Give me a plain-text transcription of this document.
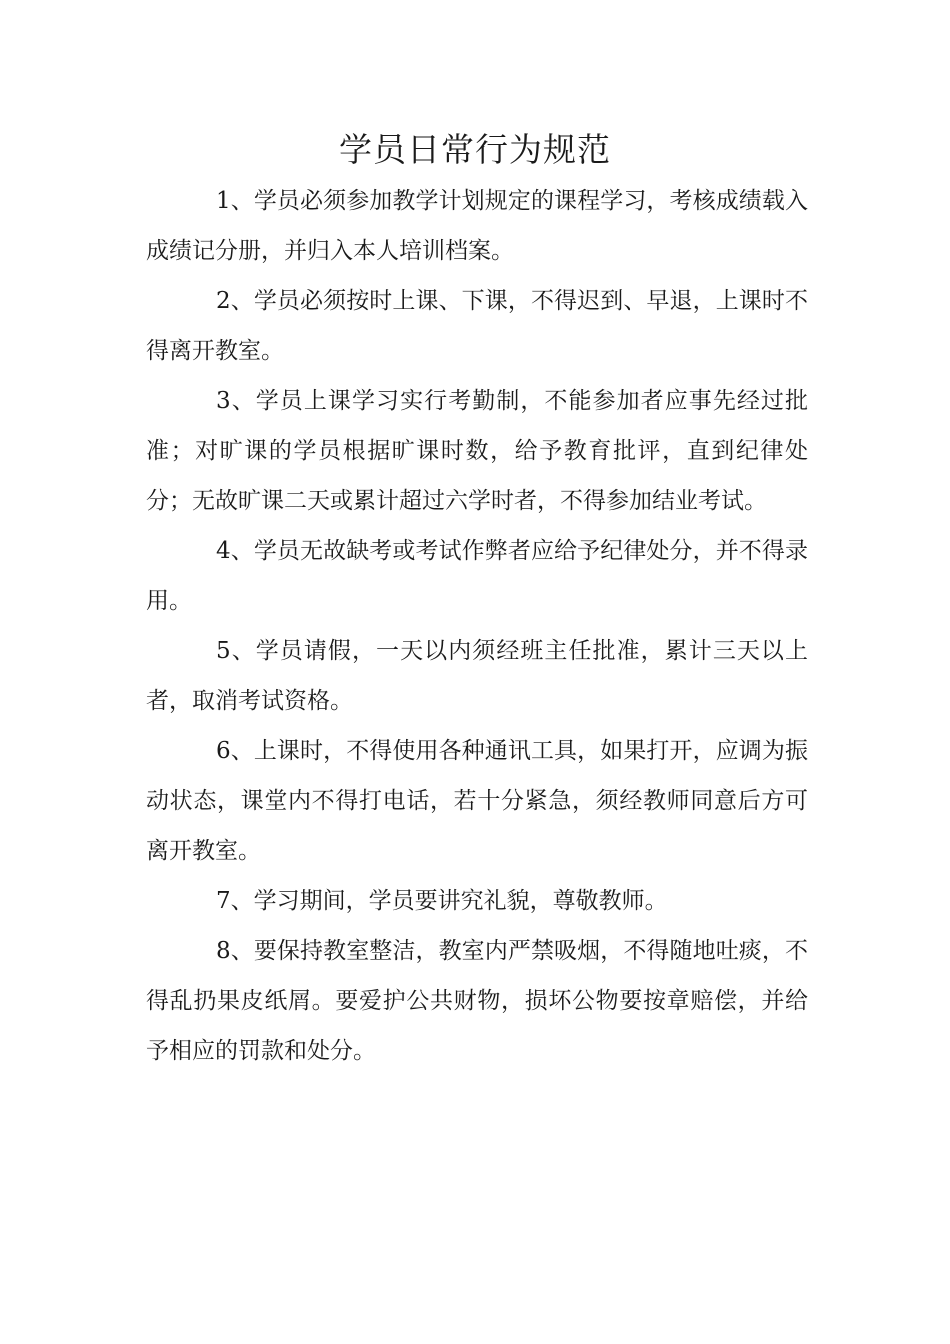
学员日常行为规范

1、学员必须参加教学计划规定的课程学习，考核成绩载入成绩记分册，并归入本人培训档案。

2、学员必须按时上课、下课，不得迟到、早退，上课时不得离开教室。

3、学员上课学习实行考勤制，不能参加者应事先经过批准；对旷课的学员根据旷课时数，给予教育批评，直到纪律处分；无故旷课二天或累计超过六学时者，不得参加结业考试。

4、学员无故缺考或考试作弊者应给予纪律处分，并不得录用。

5、学员请假，一天以内须经班主任批准，累计三天以上者，取消考试资格。

6、上课时，不得使用各种通讯工具，如果打开，应调为振动状态，课堂内不得打电话，若十分紧急，须经教师同意后方可离开教室。

7、学习期间，学员要讲究礼貌，尊敬教师。

8、要保持教室整洁，教室内严禁吸烟，不得随地吐痰，不得乱扔果皮纸屑。要爱护公共财物，损坏公物要按章赔偿，并给予相应的罚款和处分。
